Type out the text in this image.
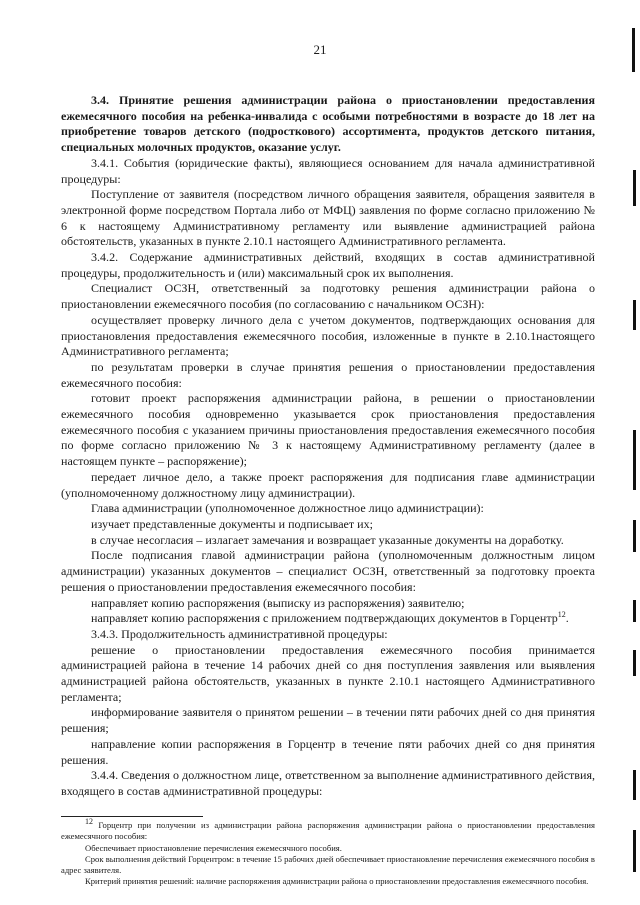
21

3.4. Принятие решения администрации района о приостановлении предоставления ежемесячного пособия на ребенка-инвалида с особыми потребностями в возрасте до 18 лет на приобретение товаров детского (подросткового) ассортимента, продуктов детского питания, специальных молочных продуктов, оказание услуг.

3.4.1. События (юридические факты), являющиеся основанием для начала административной процедуры:

Поступление от заявителя (посредством личного обращения заявителя, обращения заявителя в электронной форме посредством Портала либо от МФЦ) заявления по форме согласно приложению № 6 к настоящему Административному регламенту или выявление администрацией района обстоятельств, указанных в пункте 2.10.1 настоящего Административного регламента.

3.4.2. Содержание административных действий, входящих в состав административной процедуры, продолжительность и (или) максимальный срок их выполнения.

Специалист ОСЗН, ответственный за подготовку решения администрации района о приостановлении ежемесячного пособия (по согласованию с начальником ОСЗН):

осуществляет проверку личного дела с учетом документов, подтверждающих основания для приостановления предоставления ежемесячного пособия, изложенные в пункте в 2.10.1настоящего Административного регламента;

по результатам проверки в случае принятия решения о приостановлении предоставления ежемесячного пособия:

готовит проект распоряжения администрации района, в решении о приостановлении ежемесячного пособия одновременно указывается срок приостановления предоставления ежемесячного пособия с указанием причины приостановления предоставления ежемесячного пособия по форме согласно приложению № 3 к настоящему Административному регламенту (далее в настоящем пункте – распоряжение);

передает личное дело, а также проект распоряжения для подписания главе администрации (уполномоченному должностному лицу администрации).

Глава администрации (уполномоченное должностное лицо администрации):

изучает представленные документы и подписывает их;

в случае несогласия – излагает замечания и возвращает указанные документы на доработку.

После подписания главой администрации района (уполномоченным должностным лицом администрации) указанных документов – специалист ОСЗН, ответственный за подготовку проекта решения о приостановлении предоставления ежемесячного пособия:

направляет копию распоряжения (выписку из распоряжения) заявителю;

направляет копию распоряжения с приложением подтверждающих документов в Горцентр$^{12}$.

3.4.3. Продолжительность административной процедуры:

решение о приостановлении предоставления ежемесячного пособия принимается администрацией района в течение 14 рабочих дней со дня поступления заявления или выявления администрацией района обстоятельств, указанных в пункте 2.10.1 настоящего Административного регламента;

информирование заявителя о принятом решении – в течении пяти рабочих дней со дня принятия решения;

направление копии распоряжения в Горцентр в течение пяти рабочих дней со дня принятия решения.

3.4.4. Сведения о должностном лице, ответственном за выполнение административного действия, входящего в состав административной процедуры:

$^{12}$ Горцентр при получении из администрации района распоряжения администрации района о приостановлении предоставления ежемесячного пособия:

Обеспечивает приостановление перечисления ежемесячного пособия.

Срок выполнения действий Горцентром: в течение 15 рабочих дней обеспечивает приостановление перечисления ежемесячного пособия в адрес заявителя.

Критерий принятия решений: наличие распоряжения администрации района о приостановлении предоставления ежемесячного пособия.
